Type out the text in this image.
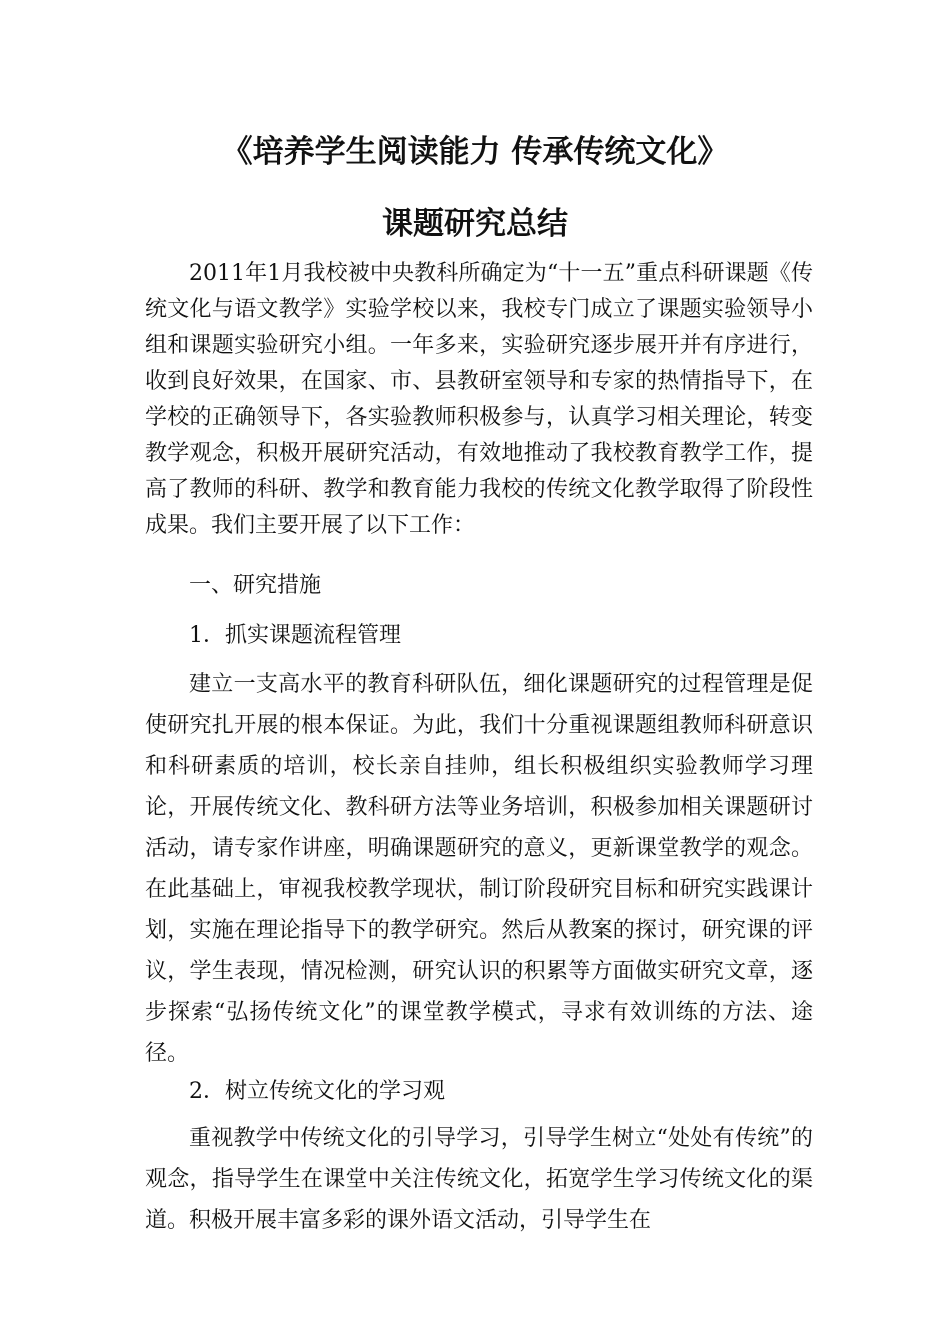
《培养学生阅读能力 传承传统文化》
课题研究总结

2011年1月我校被中央教科所确定为“十一五”重点科研课题《传统文化与语文教学》实验学校以来，我校专门成立了课题实验领导小组和课题实验研究小组。一年多来，实验研究逐步展开并有序进行，收到良好效果，在国家、市、县教研室领导和专家的热情指导下，在学校的正确领导下，各实验教师积极参与，认真学习相关理论，转变教学观念，积极开展研究活动，有效地推动了我校教育教学工作，提高了教师的科研、教学和教育能力我校的传统文化教学取得了阶段性成果。我们主要开展了以下工作：

一、研究措施

1．抓实课题流程管理

建立一支高水平的教育科研队伍，细化课题研究的过程管理是促使研究扎开展的根本保证。为此，我们十分重视课题组教师科研意识和科研素质的培训，校长亲自挂帅，组长积极组织实验教师学习理论，开展传统文化、教科研方法等业务培训，积极参加相关课题研讨活动，请专家作讲座，明确课题研究的意义，更新课堂教学的观念。在此基础上，审视我校教学现状，制订阶段研究目标和研究实践课计划，实施在理论指导下的教学研究。然后从教案的探讨，研究课的评议，学生表现，情况检测，研究认识的积累等方面做实研究文章，逐步探索“弘扬传统文化”的课堂教学模式，寻求有效训练的方法、途径。

2．树立传统文化的学习观

重视教学中传统文化的引导学习，引导学生树立“处处有传统”的观念，指导学生在课堂中关注传统文化，拓宽学生学习传统文化的渠道。积极开展丰富多彩的课外语文活动，引导学生在
